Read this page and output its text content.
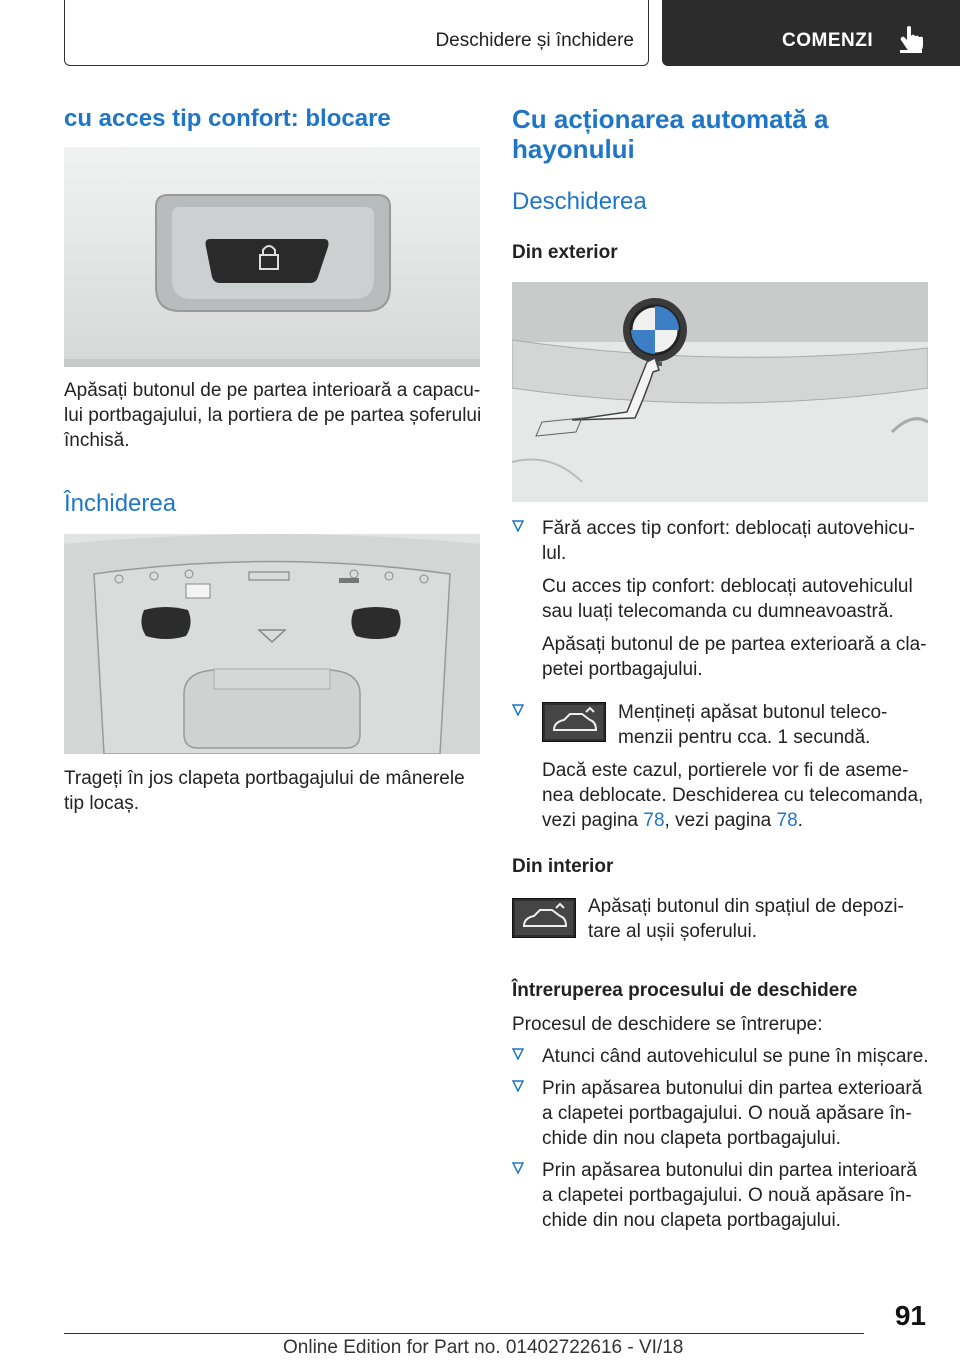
Deschidere și închidere	COMENZI
cu acces tip confort: blocare
Apăsați butonul de pe partea interioară a capacului portbagajului, la portiera de pe partea șoferului închisă.
Închiderea
Trageți în jos clapeta portbagajului de mânerele tip locaș.
Cu acționarea automată a hayonului
Deschiderea
Din exterior
Fără acces tip confort: deblocați autovehiculul.
Cu acces tip confort: deblocați autovehiculul sau luați telecomanda cu dumneavoastră.
Apăsați butonul de pe partea exterioară a clapetei portbagajului.
Mențineți apăsat butonul telecomenzii pentru cca. 1 secundă.
Dacă este cazul, portierele vor fi de asemenea deblocate. Deschiderea cu telecomanda, vezi pagina 78, vezi pagina 78.
Din interior
Apăsați butonul din spațiul de depozitare al ușii șoferului.
Întreruperea procesului de deschidere
Procesul de deschidere se întrerupe:
Atunci când autovehiculul se pune în mișcare.
Prin apăsarea butonului din partea exterioară a clapetei portbagajului. O nouă apăsare închide din nou clapeta portbagajului.
Prin apăsarea butonului din partea interioară a clapetei portbagajului. O nouă apăsare închide din nou clapeta portbagajului.
91
Online Edition for Part no. 01402722616 - VI/18
